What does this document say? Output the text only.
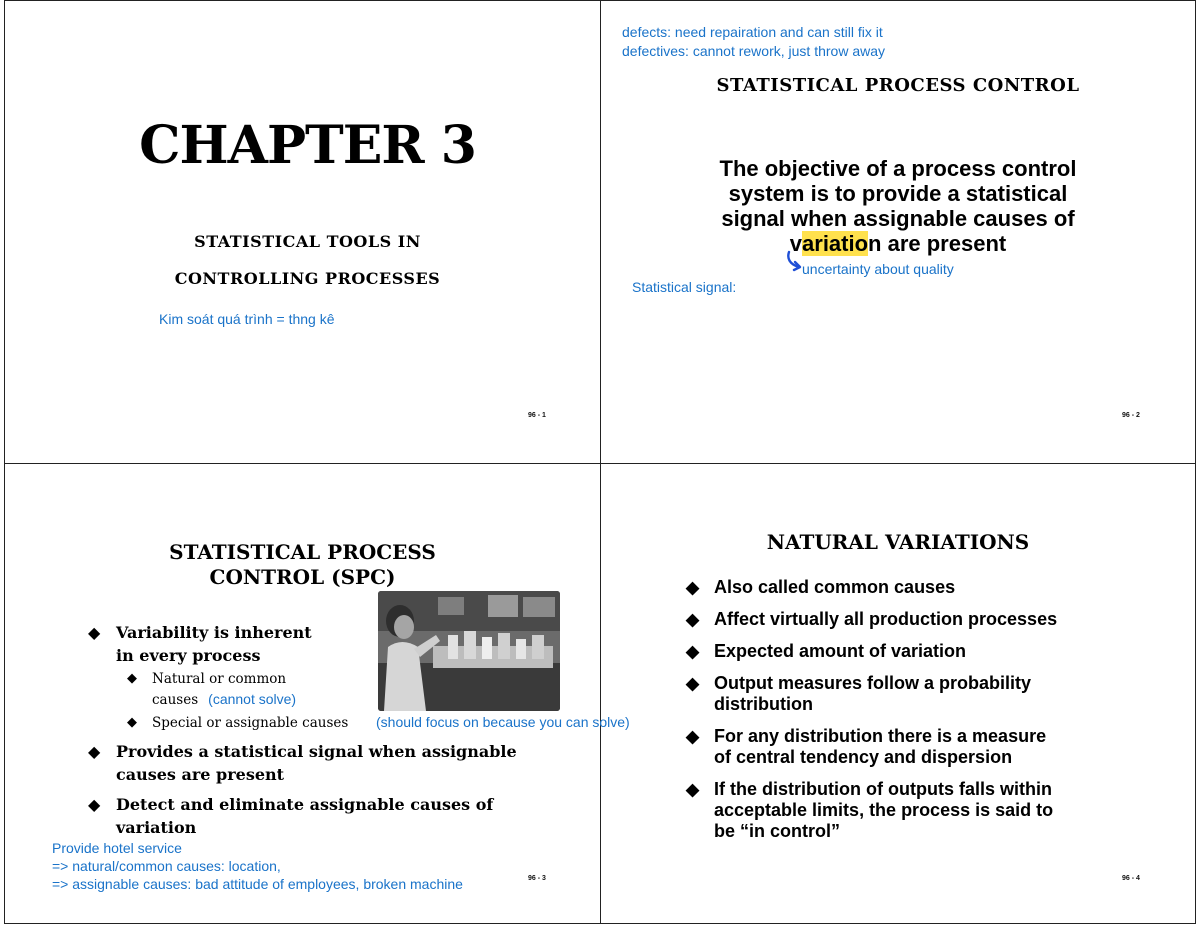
CHAPTER 3
STATISTICAL TOOLS IN
CONTROLLING PROCESSES
Kim soát quá trình = thng kê
96 - 1
defects: need repairation and can still fix it
defectives: cannot rework, just throw away
STATISTICAL PROCESS CONTROL
The objective of a process control
system is to provide a statistical
signal when assignable causes of
variation are present
uncertainty about quality
Statistical signal:
96 - 2
STATISTICAL PROCESS
CONTROL (SPC)
◆ Variability is inherent
in every process
◆ Natural or common
causes (cannot solve)
◆ Special or assignable causes	(should focus on because you can solve)
◆ Provides a statistical signal when assignable
causes are present
◆ Detect and eliminate assignable causes of
variation
Provide hotel service
=> natural/common causes: location,
=> assignable causes: bad attitude of employees, broken machine	96 - 3
NATURAL VARIATIONS
◆ Also called common causes
◆ Affect virtually all production processes
◆ Expected amount of variation
◆ Output measures follow a probability
distribution
◆ For any distribution there is a measure
of central tendency and dispersion
◆ If the distribution of outputs falls within
acceptable limits, the process is said to
be “in control”
96 - 4
